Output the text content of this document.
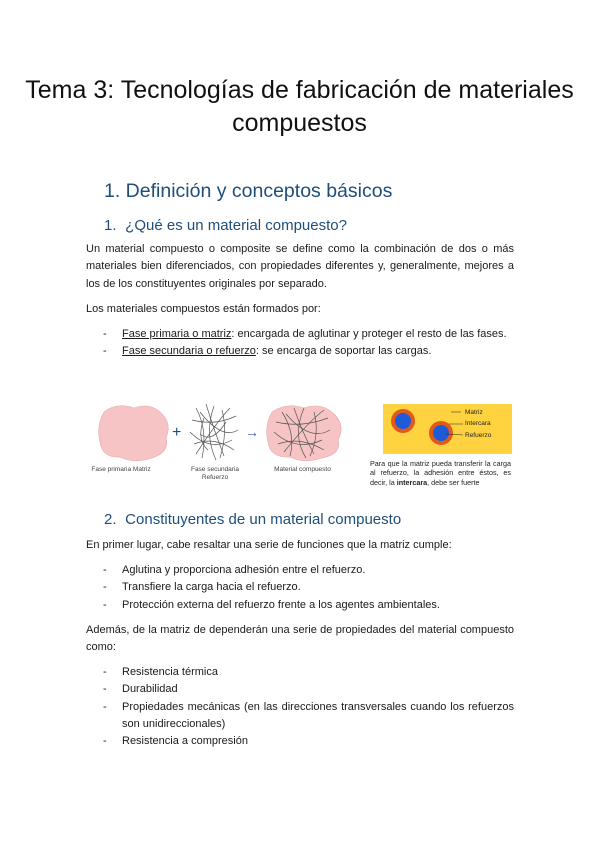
Tema 3: Tecnologías de fabricación de materiales compuestos
1. Definición y conceptos básicos
1. ¿Qué es un material compuesto?

Un material compuesto o composite se define como la combinación de dos o más materiales bien diferenciados, con propiedades diferentes y, generalmente, mejores a los de los constituyentes originales por separado.

Los materiales compuestos están formados por:

- Fase primaria o matriz: encargada de aglutinar y proteger el resto de las fases.
- Fase secundaria o refuerzo: se encarga de soportar las cargas.
+	→
Fase primaria Matriz	Fase secundaria Refuerzo
Material compuesto
Matriz
Intercara
Refuerzo
Para que la matriz pueda transferir la carga al refuerzo, la adhesión entre éstos, es decir, la intercara, debe ser fuerte
2. Constituyentes de un material compuesto

En primer lugar, cabe resaltar una serie de funciones que la matriz cumple:

- Aglutina y proporciona adhesión entre el refuerzo.
- Transfiere la carga hacia el refuerzo.
- Protección externa del refuerzo frente a los agentes ambientales.

Además, de la matriz de dependerán una serie de propiedades del material compuesto como:

- Resistencia térmica
- Durabilidad
- Propiedades mecánicas (en las direcciones transversales cuando los refuerzos son unidireccionales)
- Resistencia a compresión
